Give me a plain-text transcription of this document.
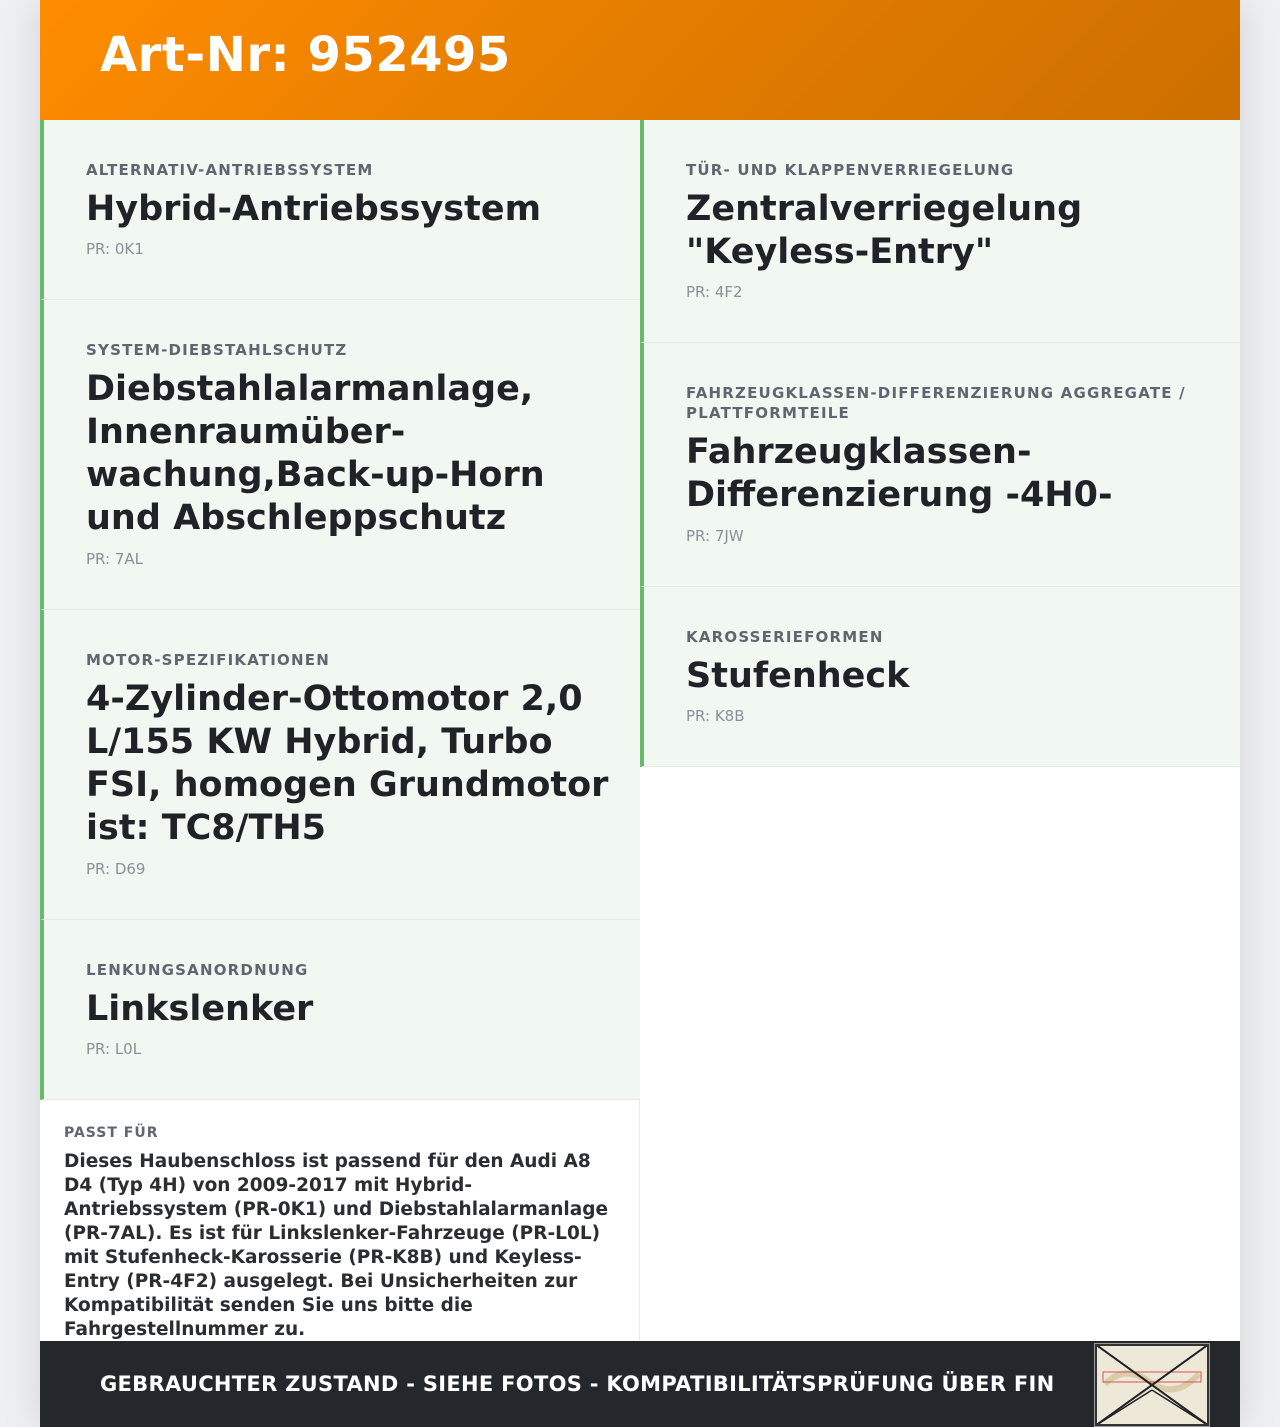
Art-Nr: 952495
ALTERNATIV-ANTRIEBSSYSTEM
Hybrid-Antriebssystem
PR: 0K1
SYSTEM-DIEBSTAHLSCHUTZ
Diebstahlalarmanlage, Innenraumüberwachung,Back-up-Horn und Abschleppschutz
PR: 7AL
MOTOR-SPEZIFIKATIONEN
4-Zylinder-Ottomotor 2,0 L/155 KW Hybrid, Turbo FSI, homogen Grundmotor ist: TC8/TH5
PR: D69
LENKUNGSANORDNUNG
Linkslenker
PR: L0L
TÜR- UND KLAPPENVERRIEGELUNG
Zentralverriegelung "Keyless-Entry"
PR: 4F2
FAHRZEUGKLASSEN-DIFFERENZIERUNG AGGREGATE / PLATTFORMTEILE
Fahrzeugklassen-Differenzierung -4H0-
PR: 7JW
KAROSSERIEFORMEN
Stufenheck
PR: K8B
PASST FÜR
Dieses Haubenschloss ist passend für den Audi A8 D4 (Typ 4H) von 2009-2017 mit Hybrid-Antriebssystem (PR-0K1) und Diebstahlalarmanlage (PR-7AL). Es ist für Linkslenker-Fahrzeuge (PR-L0L) mit Stufenheck-Karosserie (PR-K8B) und Keyless-Entry (PR-4F2) ausgelegt. Bei Unsicherheiten zur Kompatibilität senden Sie uns bitte die Fahrgestellnummer zu.
GEBRAUCHTER ZUSTAND - SIEHE FOTOS - KOMPATIBILITÄTSPRÜFUNG ÜBER FIN
